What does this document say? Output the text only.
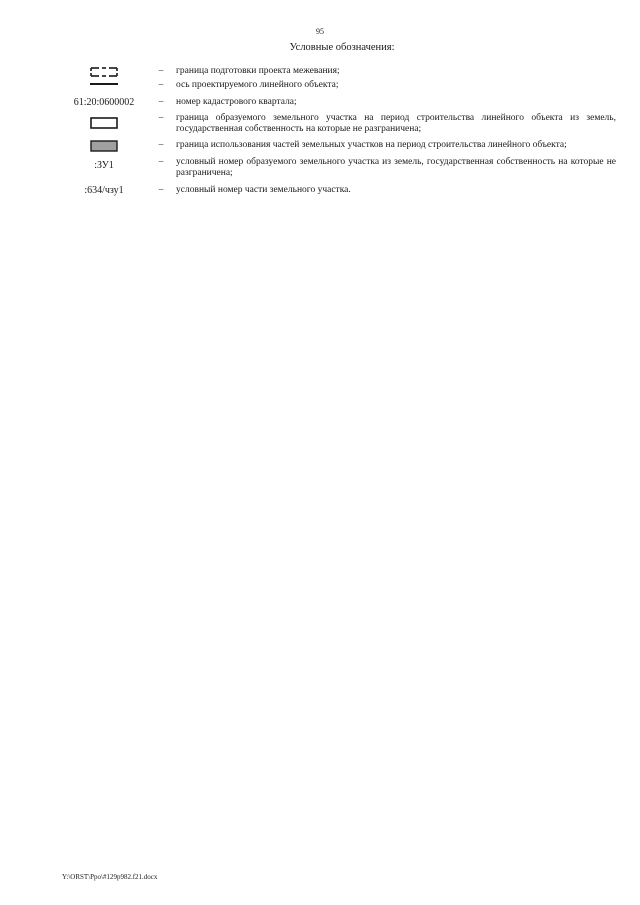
95
Условные обозначения:
–	граница подготовки проекта межевания;
–	ось проектируемого линейного объекта;
61:20:0600002	–	номер кадастрового квартала;
–	граница образуемого земельного участка на период строительства линейного объекта из земель, государственная собственность на которые не разграничена;
–	граница использования частей земельных участков на период строительства линейного объекта;
:ЗУ1	–	условный номер образуемого земельного участка из земель, государственная собственность на которые не разграничена;
:634/чзу1	–	условный номер части земельного участка.
Y:\ORST\Ppo\#129p982.f21.docx
